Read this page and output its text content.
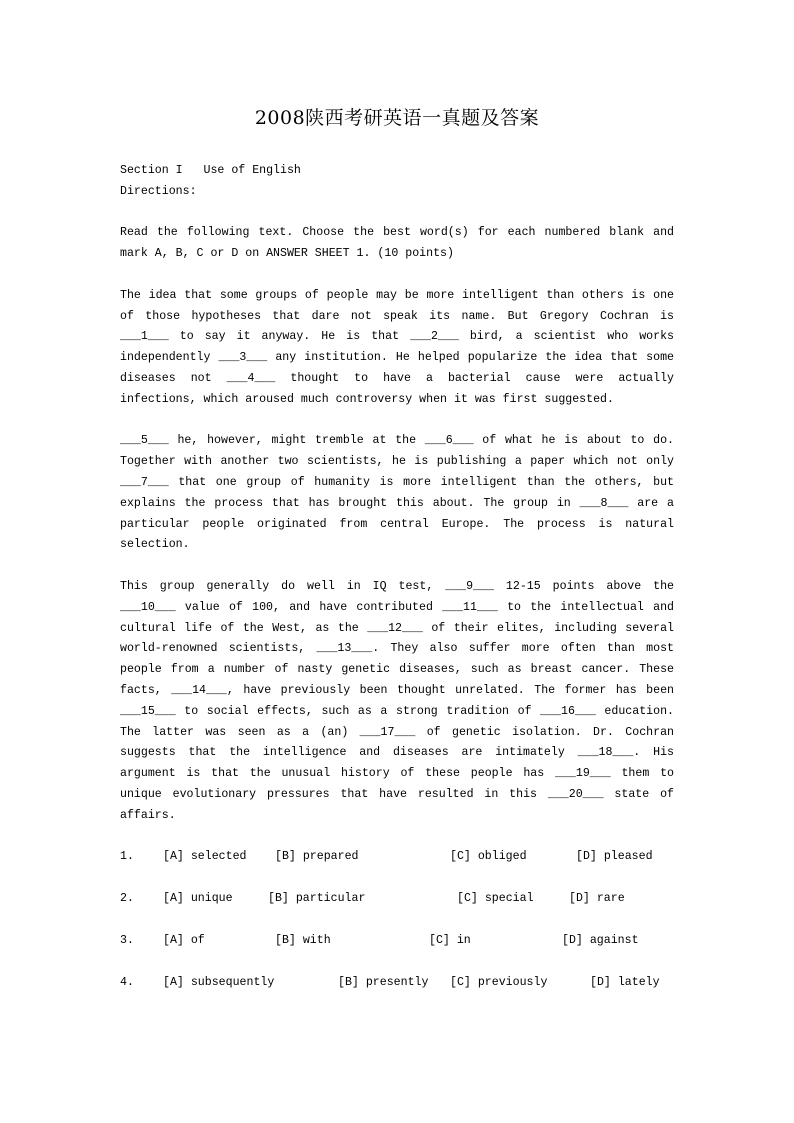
2008陕西考研英语一真题及答案
Section I   Use of English
Directions:

Read the following text. Choose the best word(s) for each numbered blank and mark A, B, C or D on ANSWER SHEET 1. (10 points)

The idea that some groups of people may be more intelligent than others is one of those hypotheses that dare not speak its name. But Gregory Cochran is ___1___ to say it anyway. He is that ___2___ bird, a scientist who works independently ___3___ any institution. He helped popularize the idea that some diseases not ___4___ thought to have a bacterial cause were actually infections, which aroused much controversy when it was first suggested.

___5___ he, however, might tremble at the ___6___ of what he is about to do. Together with another two scientists, he is publishing a paper which not only ___7___ that one group of humanity is more intelligent than the others, but explains the process that has brought this about. The group in ___8___ are a particular people originated from central Europe. The process is natural selection.

This group generally do well in IQ test, ___9___ 12-15 points above the ___10___ value of 100, and have contributed ___11___ to the intellectual and cultural life of the West, as the ___12___ of their elites, including several world-renowned scientists, ___13___. They also suffer more often than most people from a number of nasty genetic diseases, such as breast cancer. These facts, ___14___, have previously been thought unrelated. The former has been ___15___ to social effects, such as a strong tradition of ___16___ education. The latter was seen as a (an) ___17___ of genetic isolation. Dr. Cochran suggests that the intelligence and diseases are intimately ___18___. His argument is that the unusual history of these people has ___19___ them to unique evolutionary pressures that have resulted in this ___20___ state of affairs.

1.	[A] selected [B] prepared	[C] obliged	[D] pleased
2.	[A] unique	[B] particular	[C] special	[D] rare
3.	[A] of	[B] with	[C] in	[D] against
4.	[A] subsequently	[B] presently [C] previously	[D] lately
